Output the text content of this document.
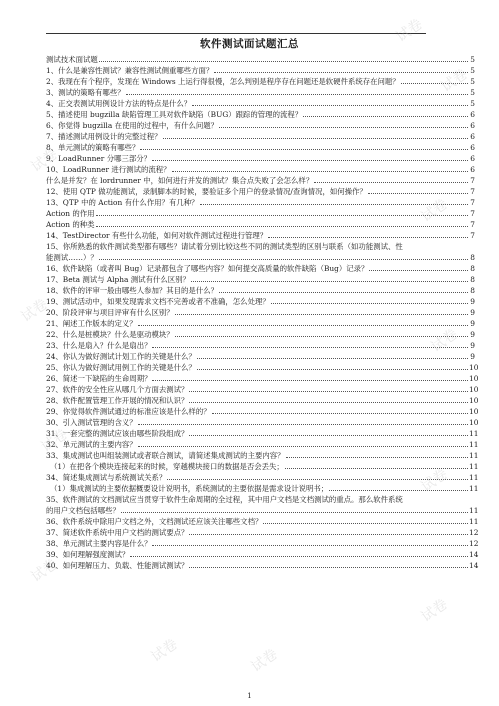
软件测试面试题汇总
测试技术面试题	5
1、什么是兼容性测试？兼容性测试侧重哪些方面？	5
2、我现在有个程序，发现在 Windows 上运行得很慢，怎么判别是程序存在问题还是软硬件系统存在问题？	5
3、测试的策略有哪些？	5
4、正交表测试用例设计方法的特点是什么？	5
5、描述使用 bugzilla 缺陷管理工具对软件缺陷（BUG）跟踪的管理的流程？	6
6、你觉得 bugzilla 在使用的过程中，有什么问题？	6
7、描述测试用例设计的完整过程？	6
8、单元测试的策略有哪些？	6
9、LoadRunner 分哪三部分？	6
10、LoadRunner 进行测试的流程？	6
什么是并发？在 lordrunner 中，如何进行并发的测试？集合点失败了会怎么样？	7
12、使用 QTP 做功能测试，录制脚本的时候，要验证多个用户的登录情况/查询情况，如何操作？	7
13、QTP 中的 Action 有什么作用？有几种？	7
Action 的作用	7
Action 的种类	7
14、TestDirector 有些什么功能，如何对软件测试过程进行管理？	7
15、你所熟悉的软件测试类型都有哪些？请试着分别比较这些不同的测试类型的区别与联系（如功能测试、性
能测试……）？	8
16、软件缺陷（或者叫 Bug）记录都包含了哪些内容？如何提交高质量的软件缺陷（Bug）记录？	8
17、Beta 测试与 Alpha 测试有什么区别？	8
18、软件的评审一般由哪些人参加？其目的是什么？	8
19、测试活动中，如果发现需求文档不完善或者不准确，怎么处理？	9
20、阶段评审与项目评审有什么区别？	9
21、阐述工作版本的定义？	9
22、什么是桩模块？什么是驱动模块？	9
23、什么是扇入？什么是扇出？	9
24、你认为做好测试计划工作的关键是什么？	9
25、你认为做好测试用例工作的关键是什么？	10
26、简述一下缺陷的生命周期？	10
27、软件的安全性应从哪几个方面去测试？	10
28、软件配置管理工作开展的情况和认识？	10
29、你觉得软件测试通过的标准应该是什么样的？	10
30、引入测试管理的含义？	10
31、一套完整的测试应该由哪些阶段组成？	11
32、单元测试的主要内容？	11
33、集成测试也叫组装测试或者联合测试，请简述集成测试的主要内容？	11
（1）在把各个模块连接起来的时候，穿越模块接口的数据是否会丢失；	11
34、简述集成测试与系统测试关系？	11
（1）集成测试的主要依据概要设计说明书，系统测试的主要依据是需求设计说明书；	11
35、软件测试的文档测试应当贯穿于软件生命周期的全过程，其中用户文档是文档测试的重点。那么软件系统
的用户文档包括哪些？	11
36、软件系统中除用户文档之外，文档测试还应该关注哪些文档？	11
37、简述软件系统中用户文档的测试要点？	12
38、单元测试主要内容是什么？	12
39、如何理解强度测试？	14
40、如何理解压力、负载、性能测试测试？	14
1
试卷
试卷
试卷
试卷
试卷
试卷
试卷
试卷
试卷
试卷
试卷
试卷
